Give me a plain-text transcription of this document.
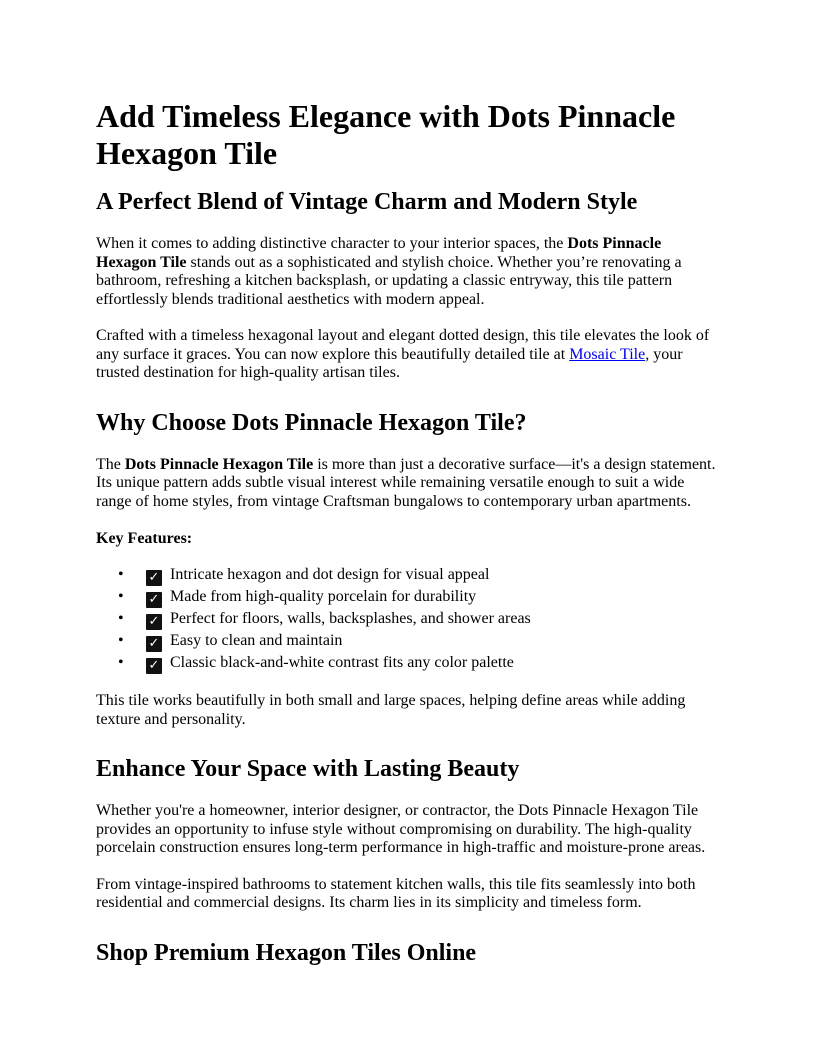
Add Timeless Elegance with Dots Pinnacle Hexagon Tile
A Perfect Blend of Vintage Charm and Modern Style

When it comes to adding distinctive character to your interior spaces, the Dots Pinnacle Hexagon Tile stands out as a sophisticated and stylish choice. Whether you’re renovating a bathroom, refreshing a kitchen backsplash, or updating a classic entryway, this tile pattern effortlessly blends traditional aesthetics with modern appeal.

Crafted with a timeless hexagonal layout and elegant dotted design, this tile elevates the look of any surface it graces. You can now explore this beautifully detailed tile at Mosaic Tile, your trusted destination for high-quality artisan tiles.

Why Choose Dots Pinnacle Hexagon Tile?

The Dots Pinnacle Hexagon Tile is more than just a decorative surface—it's a design statement. Its unique pattern adds subtle visual interest while remaining versatile enough to suit a wide range of home styles, from vintage Craftsman bungalows to contemporary urban apartments.

Key Features:
• ✓ Intricate hexagon and dot design for visual appeal
• ✓ Made from high-quality porcelain for durability
• ✓ Perfect for floors, walls, backsplashes, and shower areas
• ✓ Easy to clean and maintain
• ✓ Classic black-and-white contrast fits any color palette

This tile works beautifully in both small and large spaces, helping define areas while adding texture and personality.

Enhance Your Space with Lasting Beauty

Whether you're a homeowner, interior designer, or contractor, the Dots Pinnacle Hexagon Tile provides an opportunity to infuse style without compromising on durability. The high-quality porcelain construction ensures long-term performance in high-traffic and moisture-prone areas.

From vintage-inspired bathrooms to statement kitchen walls, this tile fits seamlessly into both residential and commercial designs. Its charm lies in its simplicity and timeless form.

Shop Premium Hexagon Tiles Online
